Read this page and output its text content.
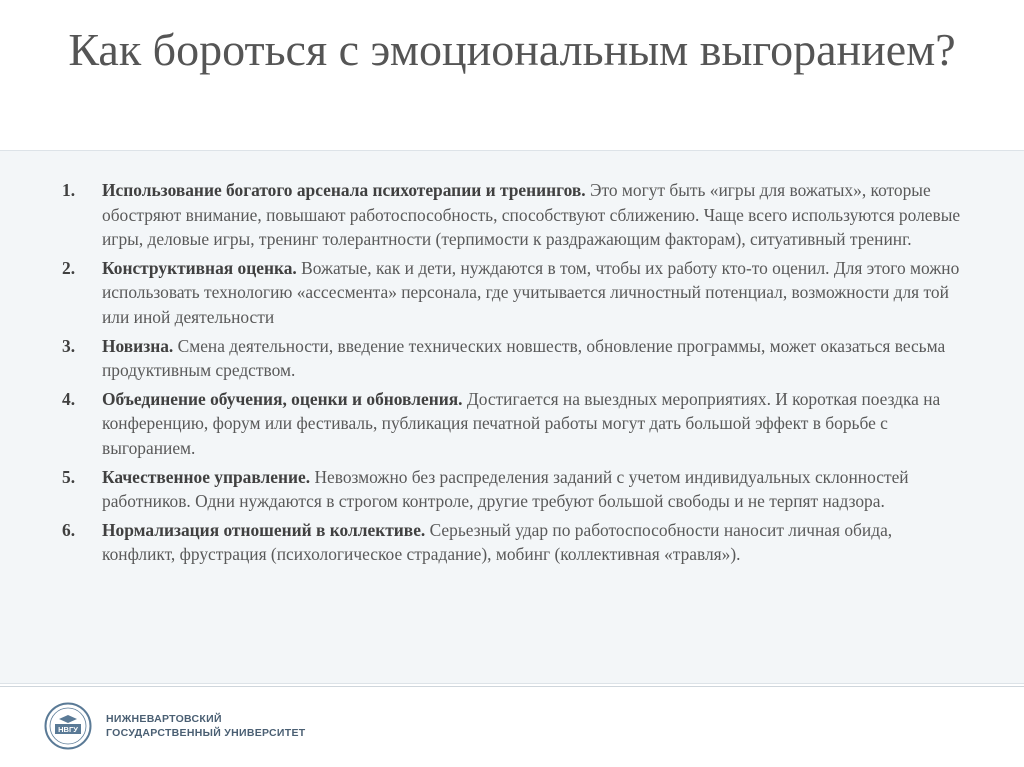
Как бороться с эмоциональным выгоранием?
1.	Использование богатого арсенала психотерапии и тренингов. Это могут быть «игры для вожатых», которые обостряют внимание, повышают работоспособность, способствуют сближению. Чаще всего используются ролевые игры, деловые игры, тренинг толерантности (терпимости к раздражающим факторам), ситуативный тренинг.
2.	Конструктивная оценка. Вожатые, как и дети, нуждаются в том, чтобы их работу кто-то оценил. Для этого можно использовать технологию «ассесмента» персонала, где учитывается личностный потенциал, возможности для той или иной деятельности
3.	Новизна. Смена деятельности, введение технических новшеств, обновление программы, может оказаться весьма продуктивным средством.
4.	Объединение обучения, оценки и обновления. Достигается на выездных мероприятиях. И короткая поездка на конференцию, форум или фестиваль, публикация печатной работы могут дать большой эффект в борьбе с выгоранием.
5.	Качественное управление. Невозможно без распределения заданий с учетом индивидуальных склонностей работников. Одни нуждаются в строгом контроле, другие требуют большой свободы и не терпят надзора.
6.	Нормализация отношений в коллективе. Серьезный удар по работоспособности наносит личная обида, конфликт, фрустрация (психологическое страдание), мобинг (коллективная «травля»).
НВГУ
НИЖНЕВАРТОВСКИЙ
ГОСУДАРСТВЕННЫЙ УНИВЕРСИТЕТ
